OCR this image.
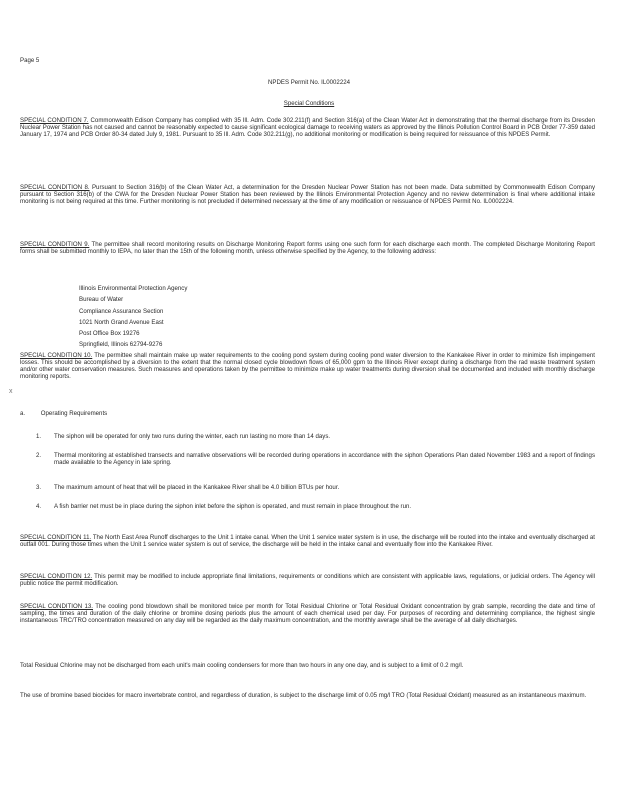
Page 5
NPDES Permit No. IL0002224
Special Conditions

SPECIAL CONDITION 7. Commonwealth Edison Company has complied with 35 Ill. Adm. Code 302.211(f) and Section 316(a) of the Clean Water Act in demonstrating that the thermal discharge from its Dresden Nuclear Power Station has not caused and cannot be reasonably expected to cause significant ecological damage to receiving waters as approved by the Illinois Pollution Control Board in PCB Order 77-359 dated January 17, 1974 and PCB Order 80-34 dated July 9, 1981. Pursuant to 35 Ill. Adm. Code 302.211(g), no additional monitoring or modification is being required for reissuance of this NPDES Permit.

SPECIAL CONDITION 8. Pursuant to Section 316(b) of the Clean Water Act, a determination for the Dresden Nuclear Power Station has not been made. Data submitted by Commonwealth Edison Company pursuant to Section 316(b) of the CWA for the Dresden Nuclear Power Station has been reviewed by the Illinois Environmental Protection Agency and no review determination is final where additional intake monitoring is not being required at this time. Further monitoring is not precluded if determined necessary at the time of any modification or reissuance of NPDES Permit No. IL0002224.

SPECIAL CONDITION 9. The permittee shall record monitoring results on Discharge Monitoring Report forms using one such form for each discharge each month. The completed Discharge Monitoring Report forms shall be submitted monthly to IEPA, no later than the 15th of the following month, unless otherwise specified by the Agency, to the following address:

Illinois Environmental Protection Agency
Bureau of Water
Compliance Assurance Section
1021 North Grand Avenue East
Post Office Box 19276
Springfield, Illinois 62794-9276

SPECIAL CONDITION 10. The permittee shall maintain make up water requirements to the cooling pond system during cooling pond water diversion to the Kankakee River in order to minimize fish impingement losses. This should be accomplished by a diversion to the extent that the normal closed cycle blowdown flows of 65,000 gpm to the Illinois River except during a discharge from the rad waste treatment system and/or other water conservation measures. Such measures and operations taken by the permittee to minimize make up water treatments during diversion shall be documented and included with monthly discharge monitoring reports.

x
a.	Operating Requirements
1. The siphon will be operated for only two runs during the winter, each run lasting no more than 14 days.

2. Thermal monitoring at established transects and narrative observations will be recorded during operations in accordance with the siphon Operations Plan dated November 1983 and a report of findings made available to the Agency in late spring.

3. The maximum amount of heat that will be placed in the Kankakee River shall be 4.0 billion BTUs per hour.

4. A fish barrier net must be in place during the siphon inlet before the siphon is operated, and must remain in place throughout the run.

SPECIAL CONDITION 11. The North East Area Runoff discharges to the Unit 1 intake canal. When the Unit 1 service water system is in use, the discharge will be routed into the intake and eventually discharged at outfall 001. During those times when the Unit 1 service water system is out of service, the discharge will be held in the intake canal and eventually flow into the Kankakee River.

SPECIAL CONDITION 12. This permit may be modified to include appropriate final limitations, requirements or conditions which are consistent with applicable laws, regulations, or judicial orders. The Agency will public notice the permit modification.

SPECIAL CONDITION 13. The cooling pond blowdown shall be monitored twice per month for Total Residual Chlorine or Total Residual Oxidant concentration by grab sample, recording the date and time of sampling, the times and duration of the daily chlorine or bromine dosing periods plus the amount of each chemical used per day. For purposes of recording and determining compliance, the highest single instantaneous TRC/TRO concentration measured on any day will be regarded as the daily maximum concentration, and the monthly average shall be the average of all daily discharges.

Total Residual Chlorine may not be discharged from each unit's main cooling condensers for more than two hours in any one day, and is subject to a limit of 0.2 mg/l.

The use of bromine based biocides for macro invertebrate control, and regardless of duration, is subject to the discharge limit of 0.05 mg/l TRO (Total Residual Oxidant) measured as an instantaneous maximum.
